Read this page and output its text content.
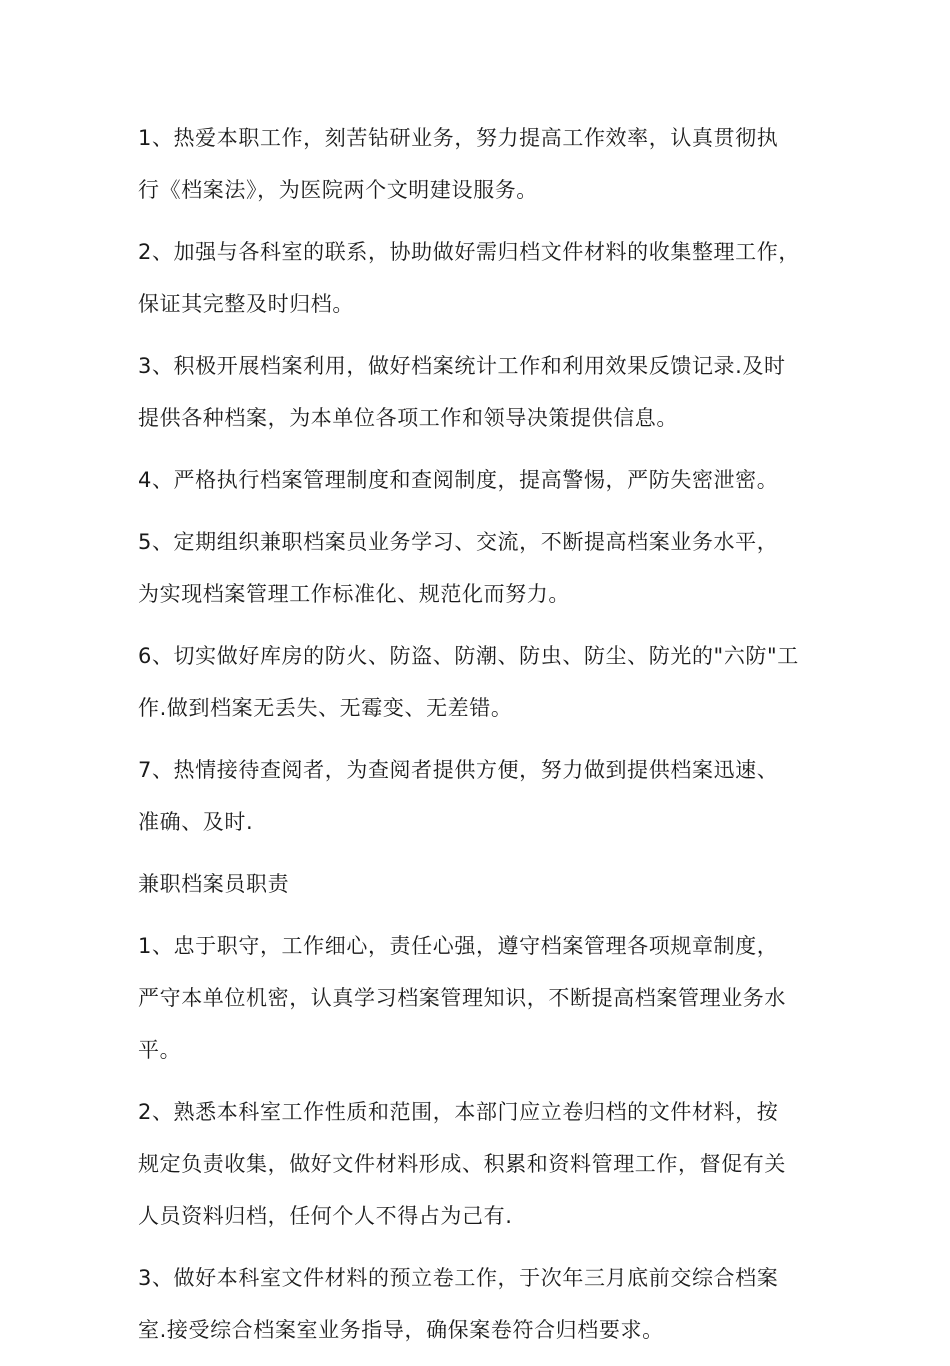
1、热爱本职工作，刻苦钻研业务，努力提高工作效率，认真贯彻执
行《档案法》，为医院两个文明建设服务。

2、加强与各科室的联系，协助做好需归档文件材料的收集整理工作，
保证其完整及时归档。

3、积极开展档案利用，做好档案统计工作和利用效果反馈记录.及时
提供各种档案，为本单位各项工作和领导决策提供信息。

4、严格执行档案管理制度和查阅制度，提高警惕，严防失密泄密。

5、定期组织兼职档案员业务学习、交流，不断提高档案业务水平，
为实现档案管理工作标准化、规范化而努力。

6、切实做好库房的防火、防盗、防潮、防虫、防尘、防光的"六防"工
作.做到档案无丢失、无霉变、无差错。

7、热情接待查阅者，为查阅者提供方便，努力做到提供档案迅速、
准确、及时.

兼职档案员职责

1、忠于职守，工作细心，责任心强，遵守档案管理各项规章制度，
严守本单位机密，认真学习档案管理知识，不断提高档案管理业务水
平。

2、熟悉本科室工作性质和范围，本部门应立卷归档的文件材料，按
规定负责收集，做好文件材料形成、积累和资料管理工作，督促有关
人员资料归档，任何个人不得占为己有.

3、做好本科室文件材料的预立卷工作，于次年三月底前交综合档案
室.接受综合档案室业务指导，确保案卷符合归档要求。
